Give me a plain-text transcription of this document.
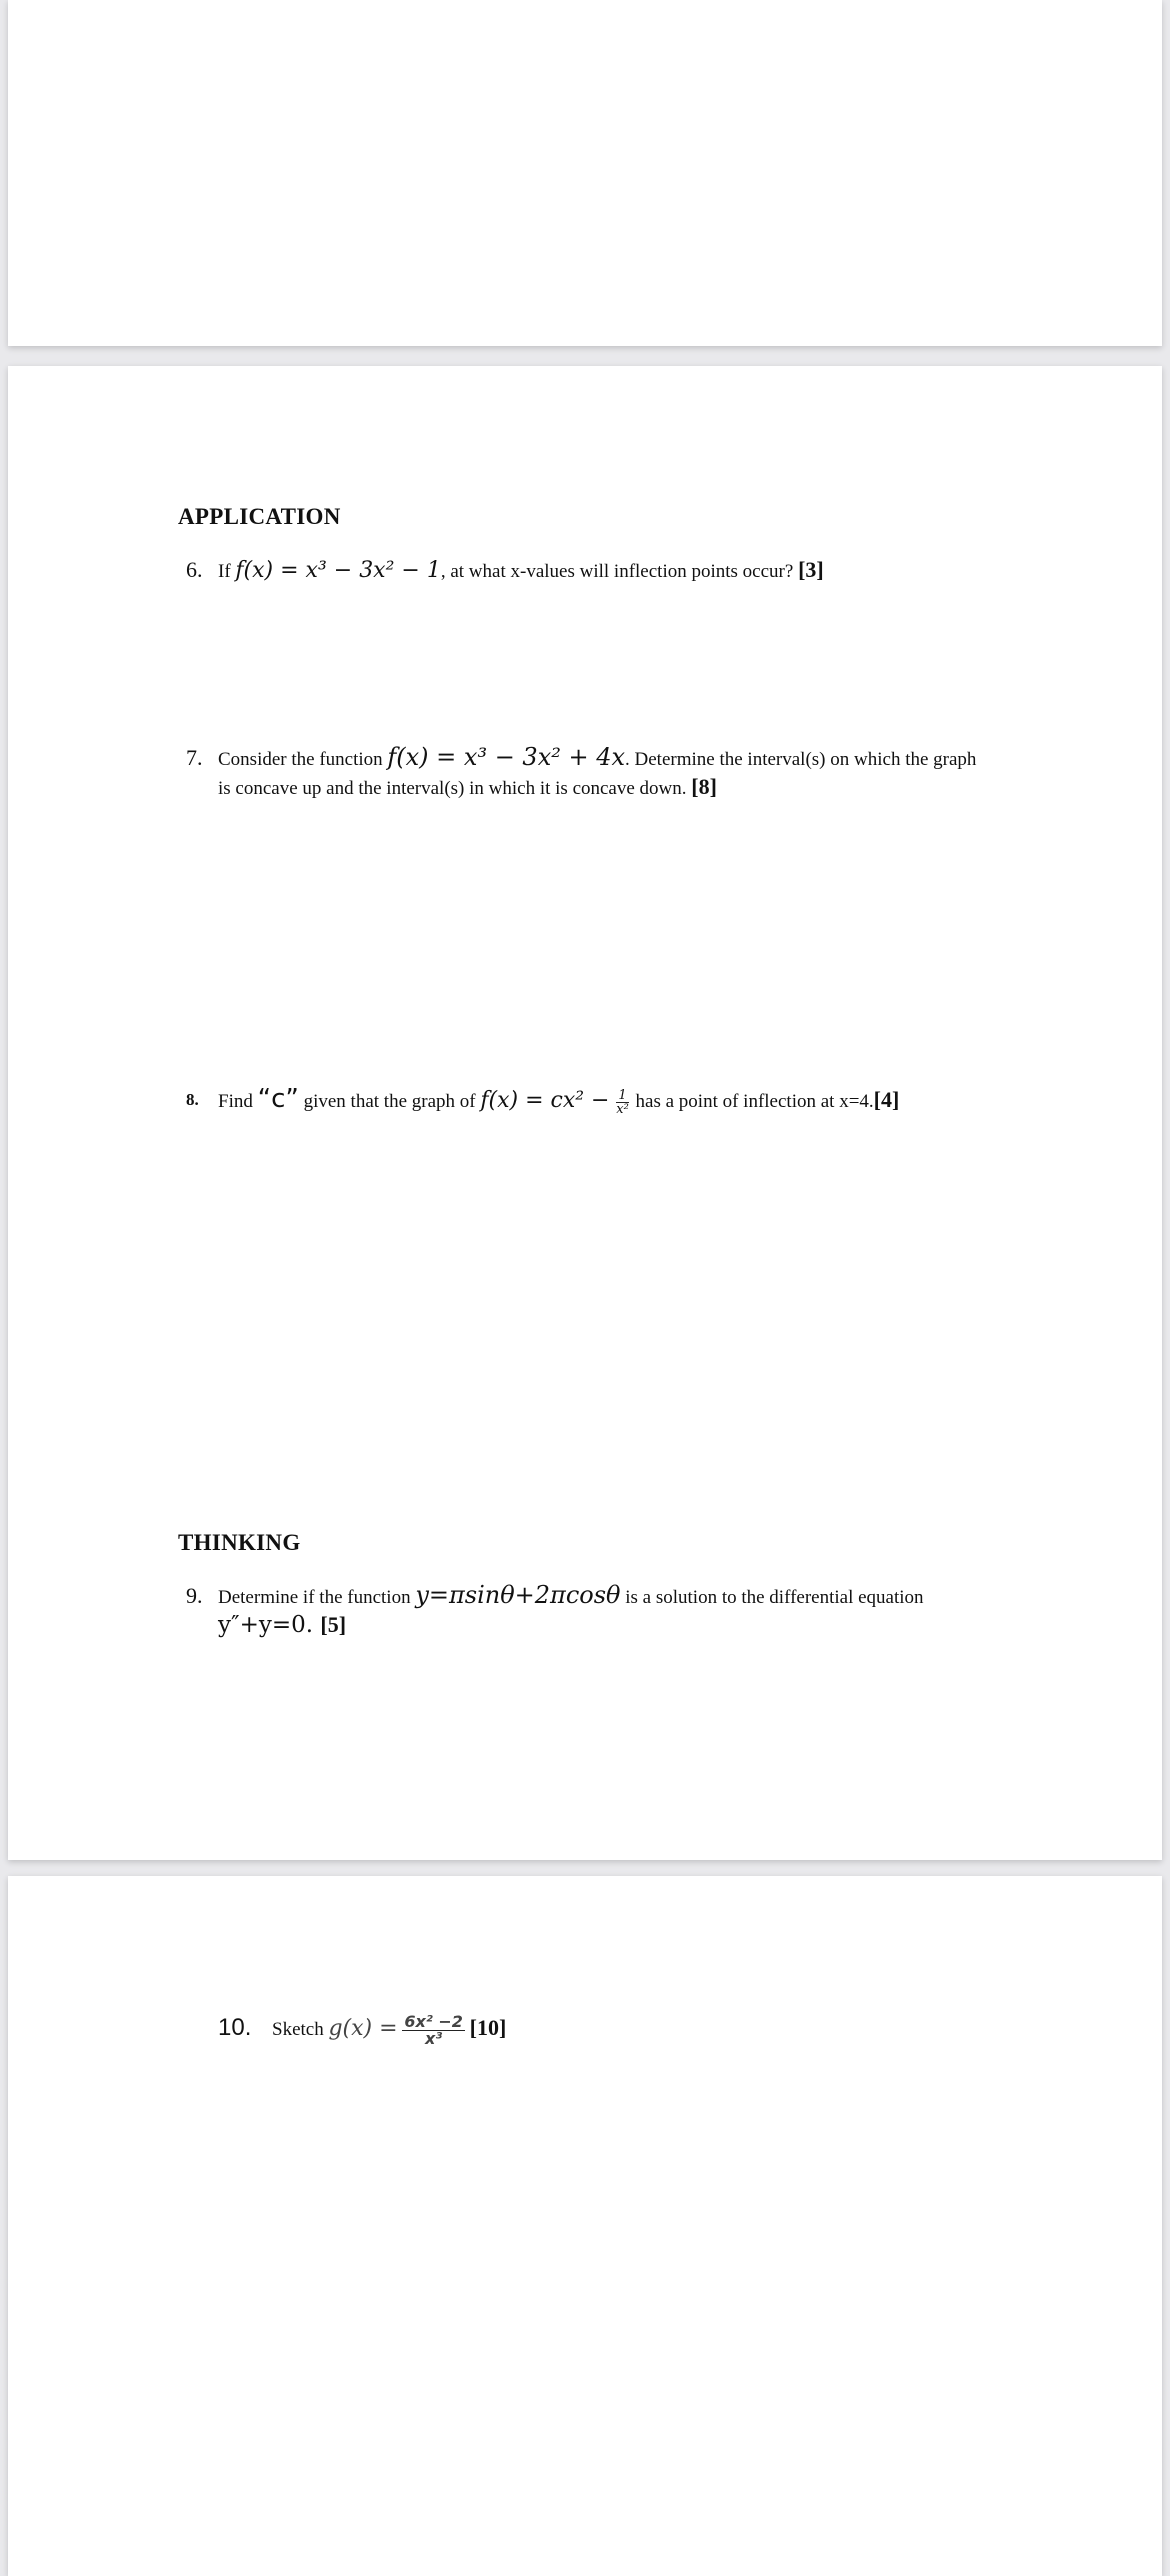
APPLICATION
6. If f(x) = x³ − 3x² − 1, at what x-values will inflection points occur? [3]
7. Consider the function f(x) = x³ − 3x² + 4x. Determine the interval(s) on which the graph
is concave up and the interval(s) in which it is concave down. [8]
8. Find “c” given that the graph of $f(x) = cx^2 - \frac{1}{\text{x²}}$ has a point of inflection at x=4.[4]
THINKING
9. Determine if the function y=πsinθ+2πcosθ is a solution to the differential equation
y″+y=0. [5]
10. Sketch $g(x) = \frac{\text{6x² −2}}{\text{x³}} [10]$
